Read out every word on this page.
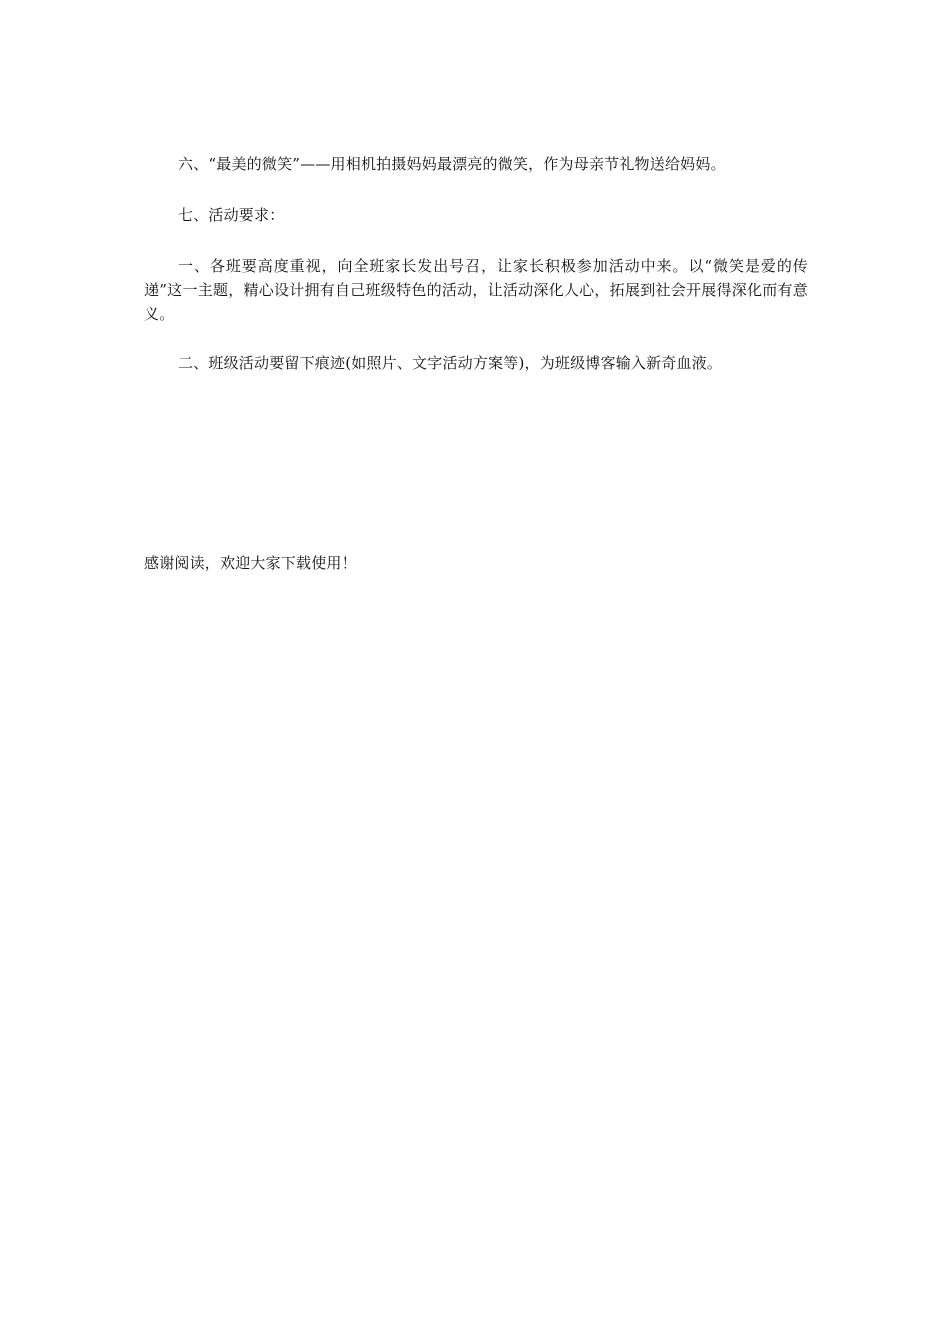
六、“最美的微笑”——用相机拍摄妈妈最漂亮的微笑，作为母亲节礼物送给妈妈。

七、活动要求：

一、各班要高度重视，向全班家长发出号召，让家长积极参加活动中来。以“微笑是爱的传递”这一主题，精心设计拥有自己班级特色的活动，让活动深化人心，拓展到社会开展得深化而有意义。

二、班级活动要留下痕迹(如照片、文字活动方案等)，为班级博客输入新奇血液。

感谢阅读，欢迎大家下载使用！
